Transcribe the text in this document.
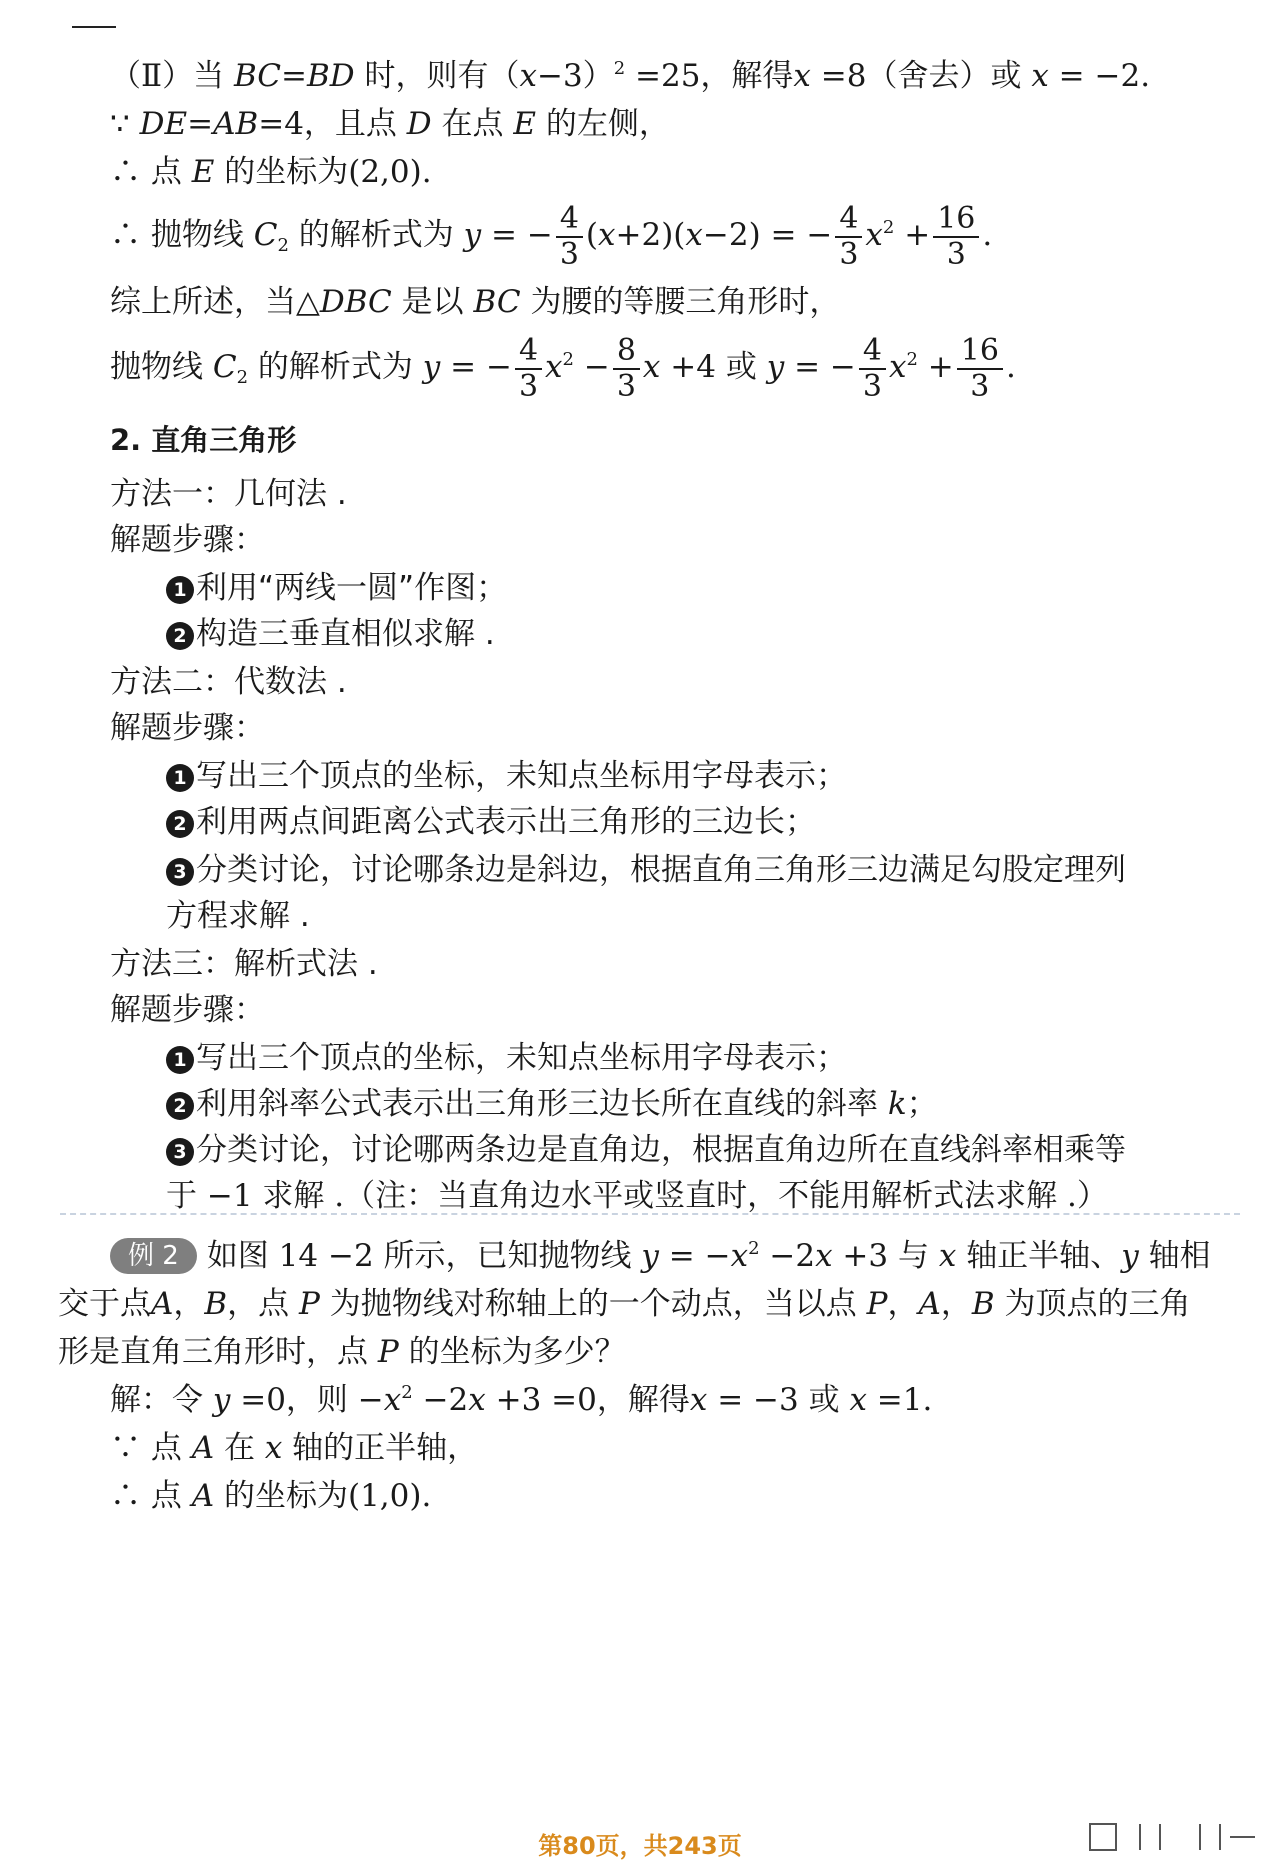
（Ⅱ）当 BC=BD 时，则有$(x-3)^2 =25$，解得x =8（舍去）或 x = −2.
∵ DE=AB=4，且点 D 在点 E 的左侧，
∴ 点 E 的坐标为(2,0).
∴ 抛物线 $C_2$ 的解析式为 y = − $\frac{4}{3} (x+2)(x-2)$ = − $\frac{4}{3} x^2 + \frac{16}{3}$ .
综上所述，当△DBC 是以 BC 为腰的等腰三角形时，
抛物线 $C_2$ 的解析式为 y = − $\frac{4}{3} x^2 - \frac{8}{3}$ x +4 或 y = − $\frac{4}{3} x^2 + \frac{16}{3}$ .
2. 直角三角形
方法一：几何法 .
解题步骤：
1 利用“两线一圆”作图；
2 构造三垂直相似求解 .
方法二：代数法 .
解题步骤：
1 写出三个顶点的坐标，未知点坐标用字母表示；
2 利用两点间距离公式表示出三角形的三边长；
3 分类讨论，讨论哪条边是斜边，根据直角三角形三边满足勾股定理列
方程求解 .
方法三：解析式法 .
解题步骤：
1 写出三个顶点的坐标，未知点坐标用字母表示；
2 利用斜率公式表示出三角形三边长所在直线的斜率 k；
3 分类讨论，讨论哪两条边是直角边，根据直角边所在直线斜率相乘等
于 −1 求解 .（注：当直角边水平或竖直时，不能用解析式法求解 .）
例 2 如图 14 −2 所示，已知抛物线 $y = -x^2 -2x +3$ 与 x 轴正半轴、y 轴相
交于点A，B，点 P 为抛物线对称轴上的一个动点，当以点 P，A，B 为顶点的三角
形是直角三角形时，点 P 的坐标为多少？
解：令 y =0，则 $-x^2 -2x +3 =0$，解得x = −3 或 x =1.
∵ 点 A 在 x 轴的正半轴，
∴ 点 A 的坐标为(1,0).
第80页，共243页
